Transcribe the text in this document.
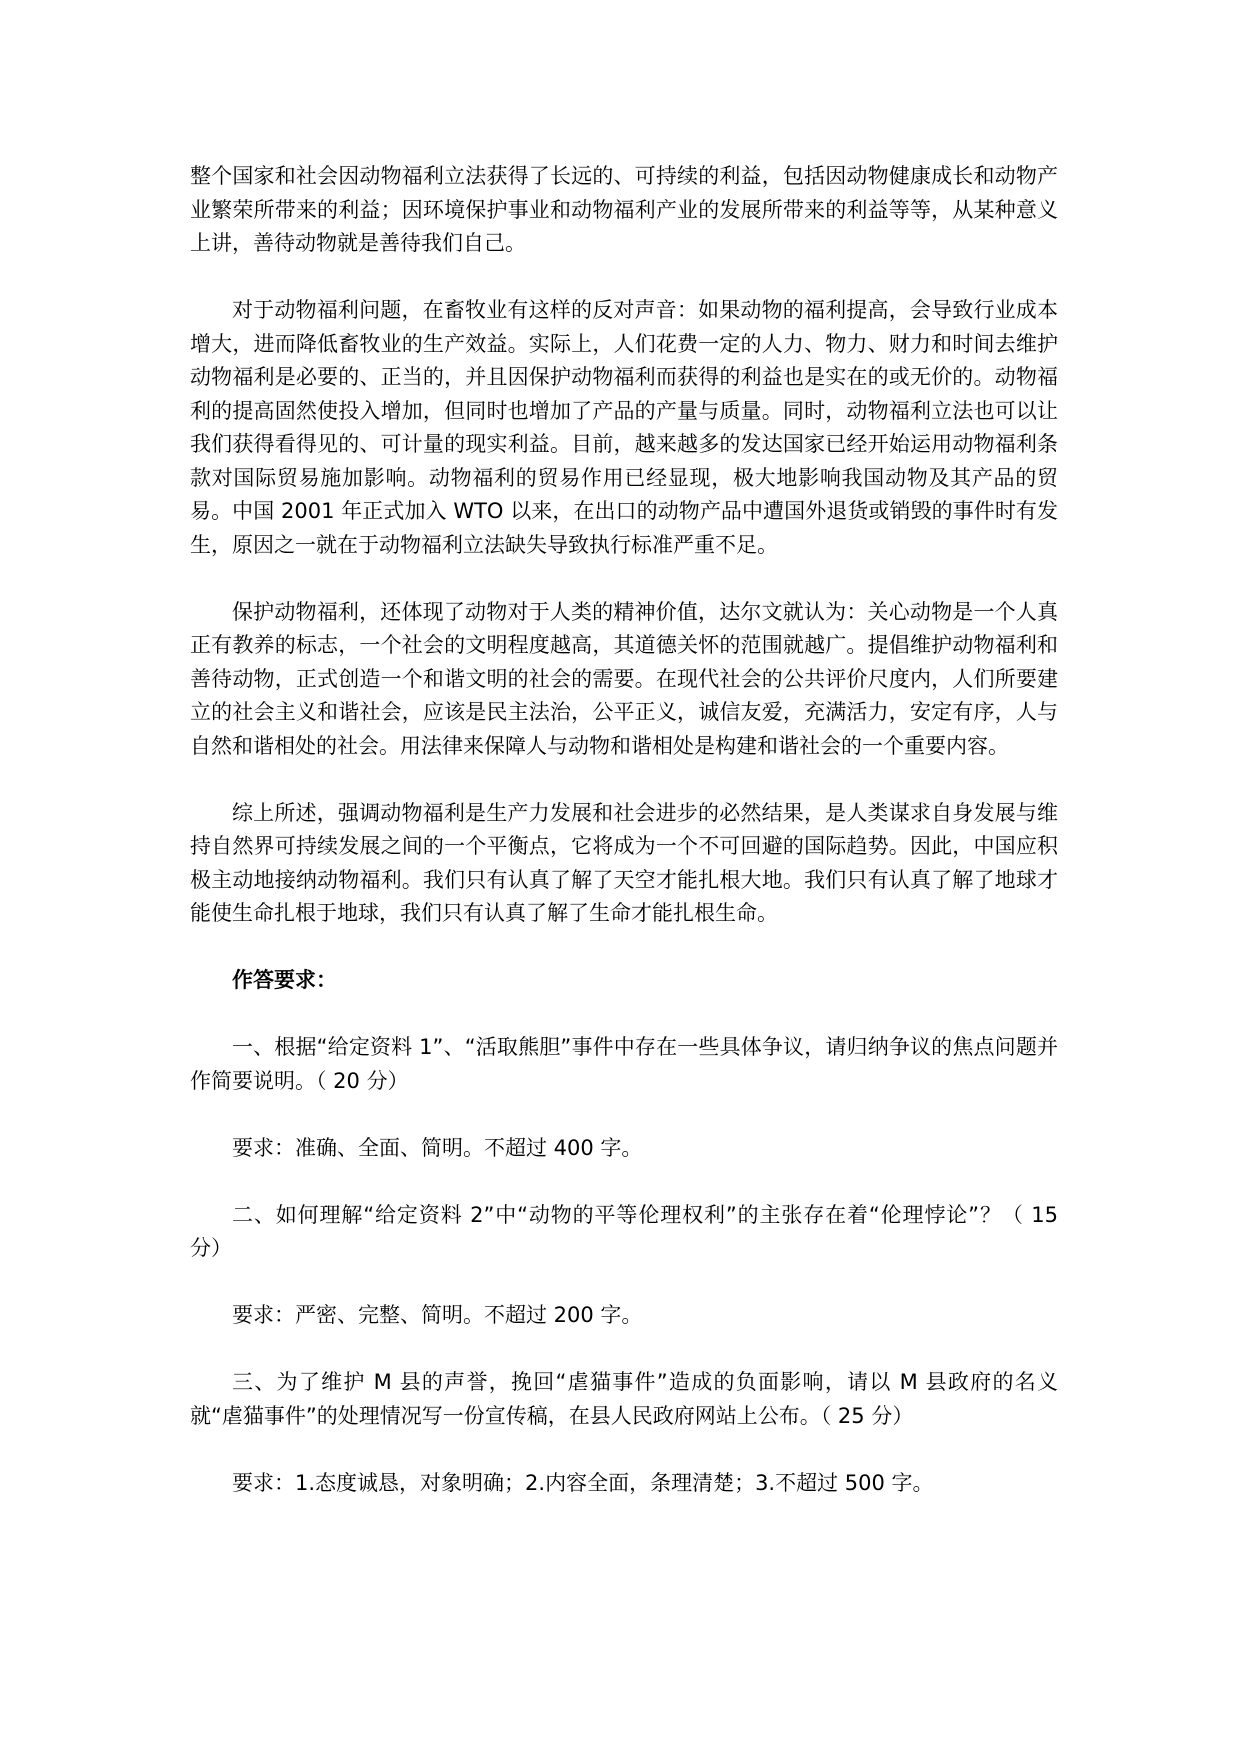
整个国家和社会因动物福利立法获得了长远的、可持续的利益，包括因动物健康成长和动物产业繁荣所带来的利益；因环境保护事业和动物福利产业的发展所带来的利益等等，从某种意义上讲，善待动物就是善待我们自己。

对于动物福利问题，在畜牧业有这样的反对声音：如果动物的福利提高，会导致行业成本增大，进而降低畜牧业的生产效益。实际上，人们花费一定的人力、物力、财力和时间去维护动物福利是必要的、正当的，并且因保护动物福利而获得的利益也是实在的或无价的。动物福利的提高固然使投入增加，但同时也增加了产品的产量与质量。同时，动物福利立法也可以让我们获得看得见的、可计量的现实利益。目前，越来越多的发达国家已经开始运用动物福利条款对国际贸易施加影响。动物福利的贸易作用已经显现，极大地影响我国动物及其产品的贸易。中国 2001 年正式加入 WTO 以来，在出口的动物产品中遭国外退货或销毁的事件时有发生，原因之一就在于动物福利立法缺失导致执行标准严重不足。

保护动物福利，还体现了动物对于人类的精神价值，达尔文就认为：关心动物是一个人真正有教养的标志，一个社会的文明程度越高，其道德关怀的范围就越广。提倡维护动物福利和善待动物，正式创造一个和谐文明的社会的需要。在现代社会的公共评价尺度内，人们所要建立的社会主义和谐社会，应该是民主法治，公平正义，诚信友爱，充满活力，安定有序，人与自然和谐相处的社会。用法律来保障人与动物和谐相处是构建和谐社会的一个重要内容。

综上所述，强调动物福利是生产力发展和社会进步的必然结果，是人类谋求自身发展与维持自然界可持续发展之间的一个平衡点，它将成为一个不可回避的国际趋势。因此，中国应积极主动地接纳动物福利。我们只有认真了解了天空才能扎根大地。我们只有认真了解了地球才能使生命扎根于地球，我们只有认真了解了生命才能扎根生命。

作答要求：

一、根据“给定资料 1”、“活取熊胆”事件中存在一些具体争议，请归纳争议的焦点问题并作简要说明。（ 20 分）

要求：准确、全面、简明。不超过 400 字。

二、如何理解“给定资料 2”中“动物的平等伦理权利”的主张存在着“伦理悖论”？（ 15 分）

要求：严密、完整、简明。不超过 200 字。

三、为了维护 M 县的声誉，挽回“虐猫事件”造成的负面影响，请以 M 县政府的名义就“虐猫事件”的处理情况写一份宣传稿，在县人民政府网站上公布。（ 25 分）

要求：1.态度诚恳，对象明确；2.内容全面，条理清楚；3.不超过 500 字。
